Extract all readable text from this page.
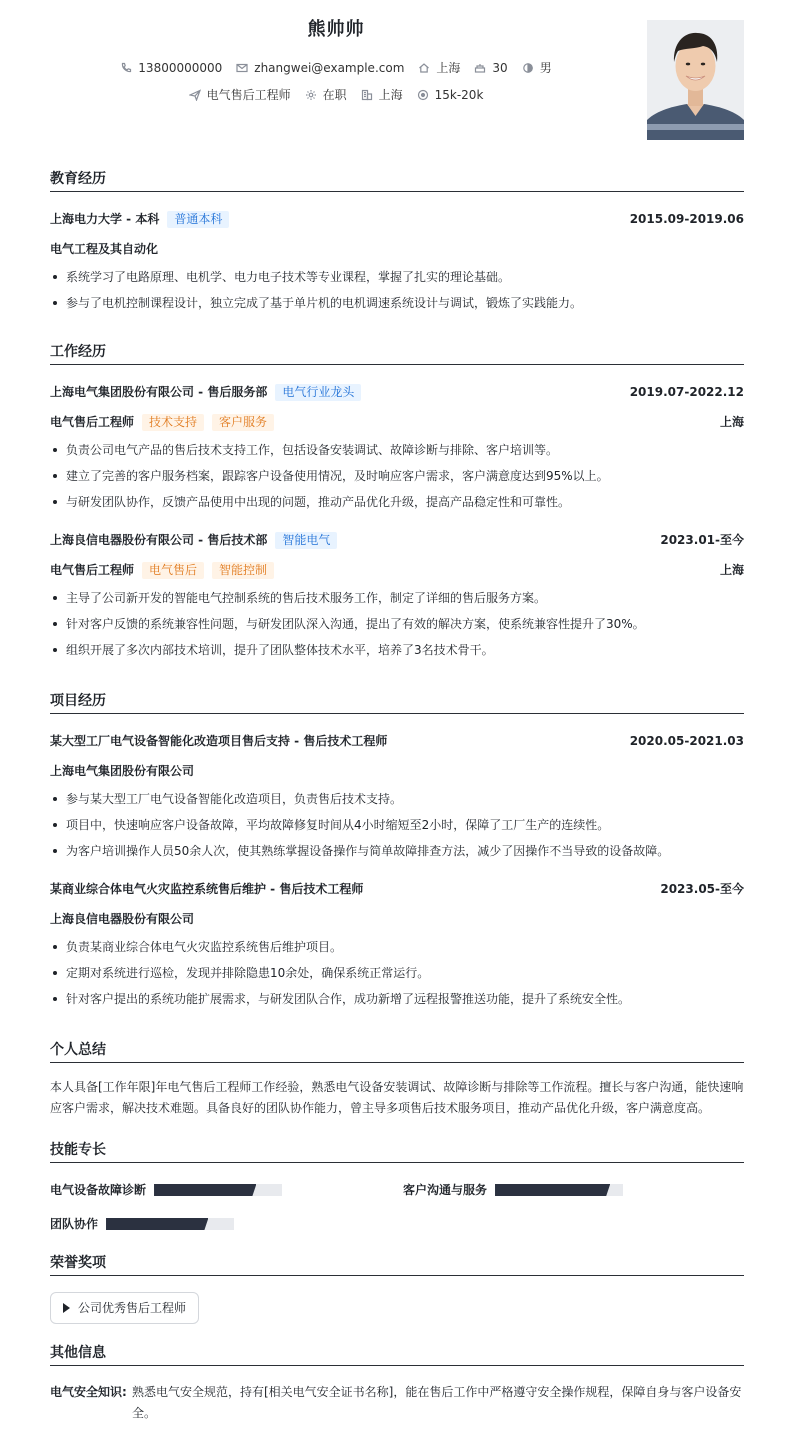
熊帅帅
13800000000	zhangwei@example.com	上海	30	男
电气售后工程师	在职	上海	15k-20k
教育经历
上海电力大学 - 本科	普通本科	2015.09-2019.06
电气工程及其自动化
系统学习了电路原理、电机学、电力电子技术等专业课程，掌握了扎实的理论基础。
参与了电机控制课程设计，独立完成了基于单片机的电机调速系统设计与调试，锻炼了实践能力。
工作经历
上海电气集团股份有限公司 - 售后服务部	电气行业龙头	2019.07-2022.12
电气售后工程师	技术支持	客户服务	上海
负责公司电气产品的售后技术支持工作，包括设备安装调试、故障诊断与排除、客户培训等。
建立了完善的客户服务档案，跟踪客户设备使用情况，及时响应客户需求，客户满意度达到95%以上。
与研发团队协作，反馈产品使用中出现的问题，推动产品优化升级，提高产品稳定性和可靠性。
上海良信电器股份有限公司 - 售后技术部	智能电气	2023.01-至今
电气售后工程师	电气售后	智能控制	上海
主导了公司新开发的智能电气控制系统的售后技术服务工作，制定了详细的售后服务方案。
针对客户反馈的系统兼容性问题，与研发团队深入沟通，提出了有效的解决方案，使系统兼容性提升了30%。
组织开展了多次内部技术培训，提升了团队整体技术水平，培养了3名技术骨干。
项目经历
某大型工厂电气设备智能化改造项目售后支持 - 售后技术工程师	2020.05-2021.03
上海电气集团股份有限公司
参与某大型工厂电气设备智能化改造项目，负责售后技术支持。
项目中，快速响应客户设备故障，平均故障修复时间从4小时缩短至2小时，保障了工厂生产的连续性。
为客户培训操作人员50余人次，使其熟练掌握设备操作与简单故障排查方法，减少了因操作不当导致的设备故障。
某商业综合体电气火灾监控系统售后维护 - 售后技术工程师	2023.05-至今
上海良信电器股份有限公司
负责某商业综合体电气火灾监控系统售后维护项目。
定期对系统进行巡检，发现并排除隐患10余处，确保系统正常运行。
针对客户提出的系统功能扩展需求，与研发团队合作，成功新增了远程报警推送功能，提升了系统安全性。
个人总结
本人具备[工作年限]年电气售后工程师工作经验，熟悉电气设备安装调试、故障诊断与排除等工作流程。擅长与客户沟通，能快速响应客户需求，解决技术难题。具备良好的团队协作能力，曾主导多项售后技术服务项目，推动产品优化升级，客户满意度高。
技能专长
电气设备故障诊断	客户沟通与服务
团队协作
荣誉奖项
公司优秀售后工程师
其他信息
电气安全知识: 熟悉电气安全规范，持有[相关电气安全证书名称]，能在售后工作中严格遵守安全操作规程，保障自身与客户设备安全。
